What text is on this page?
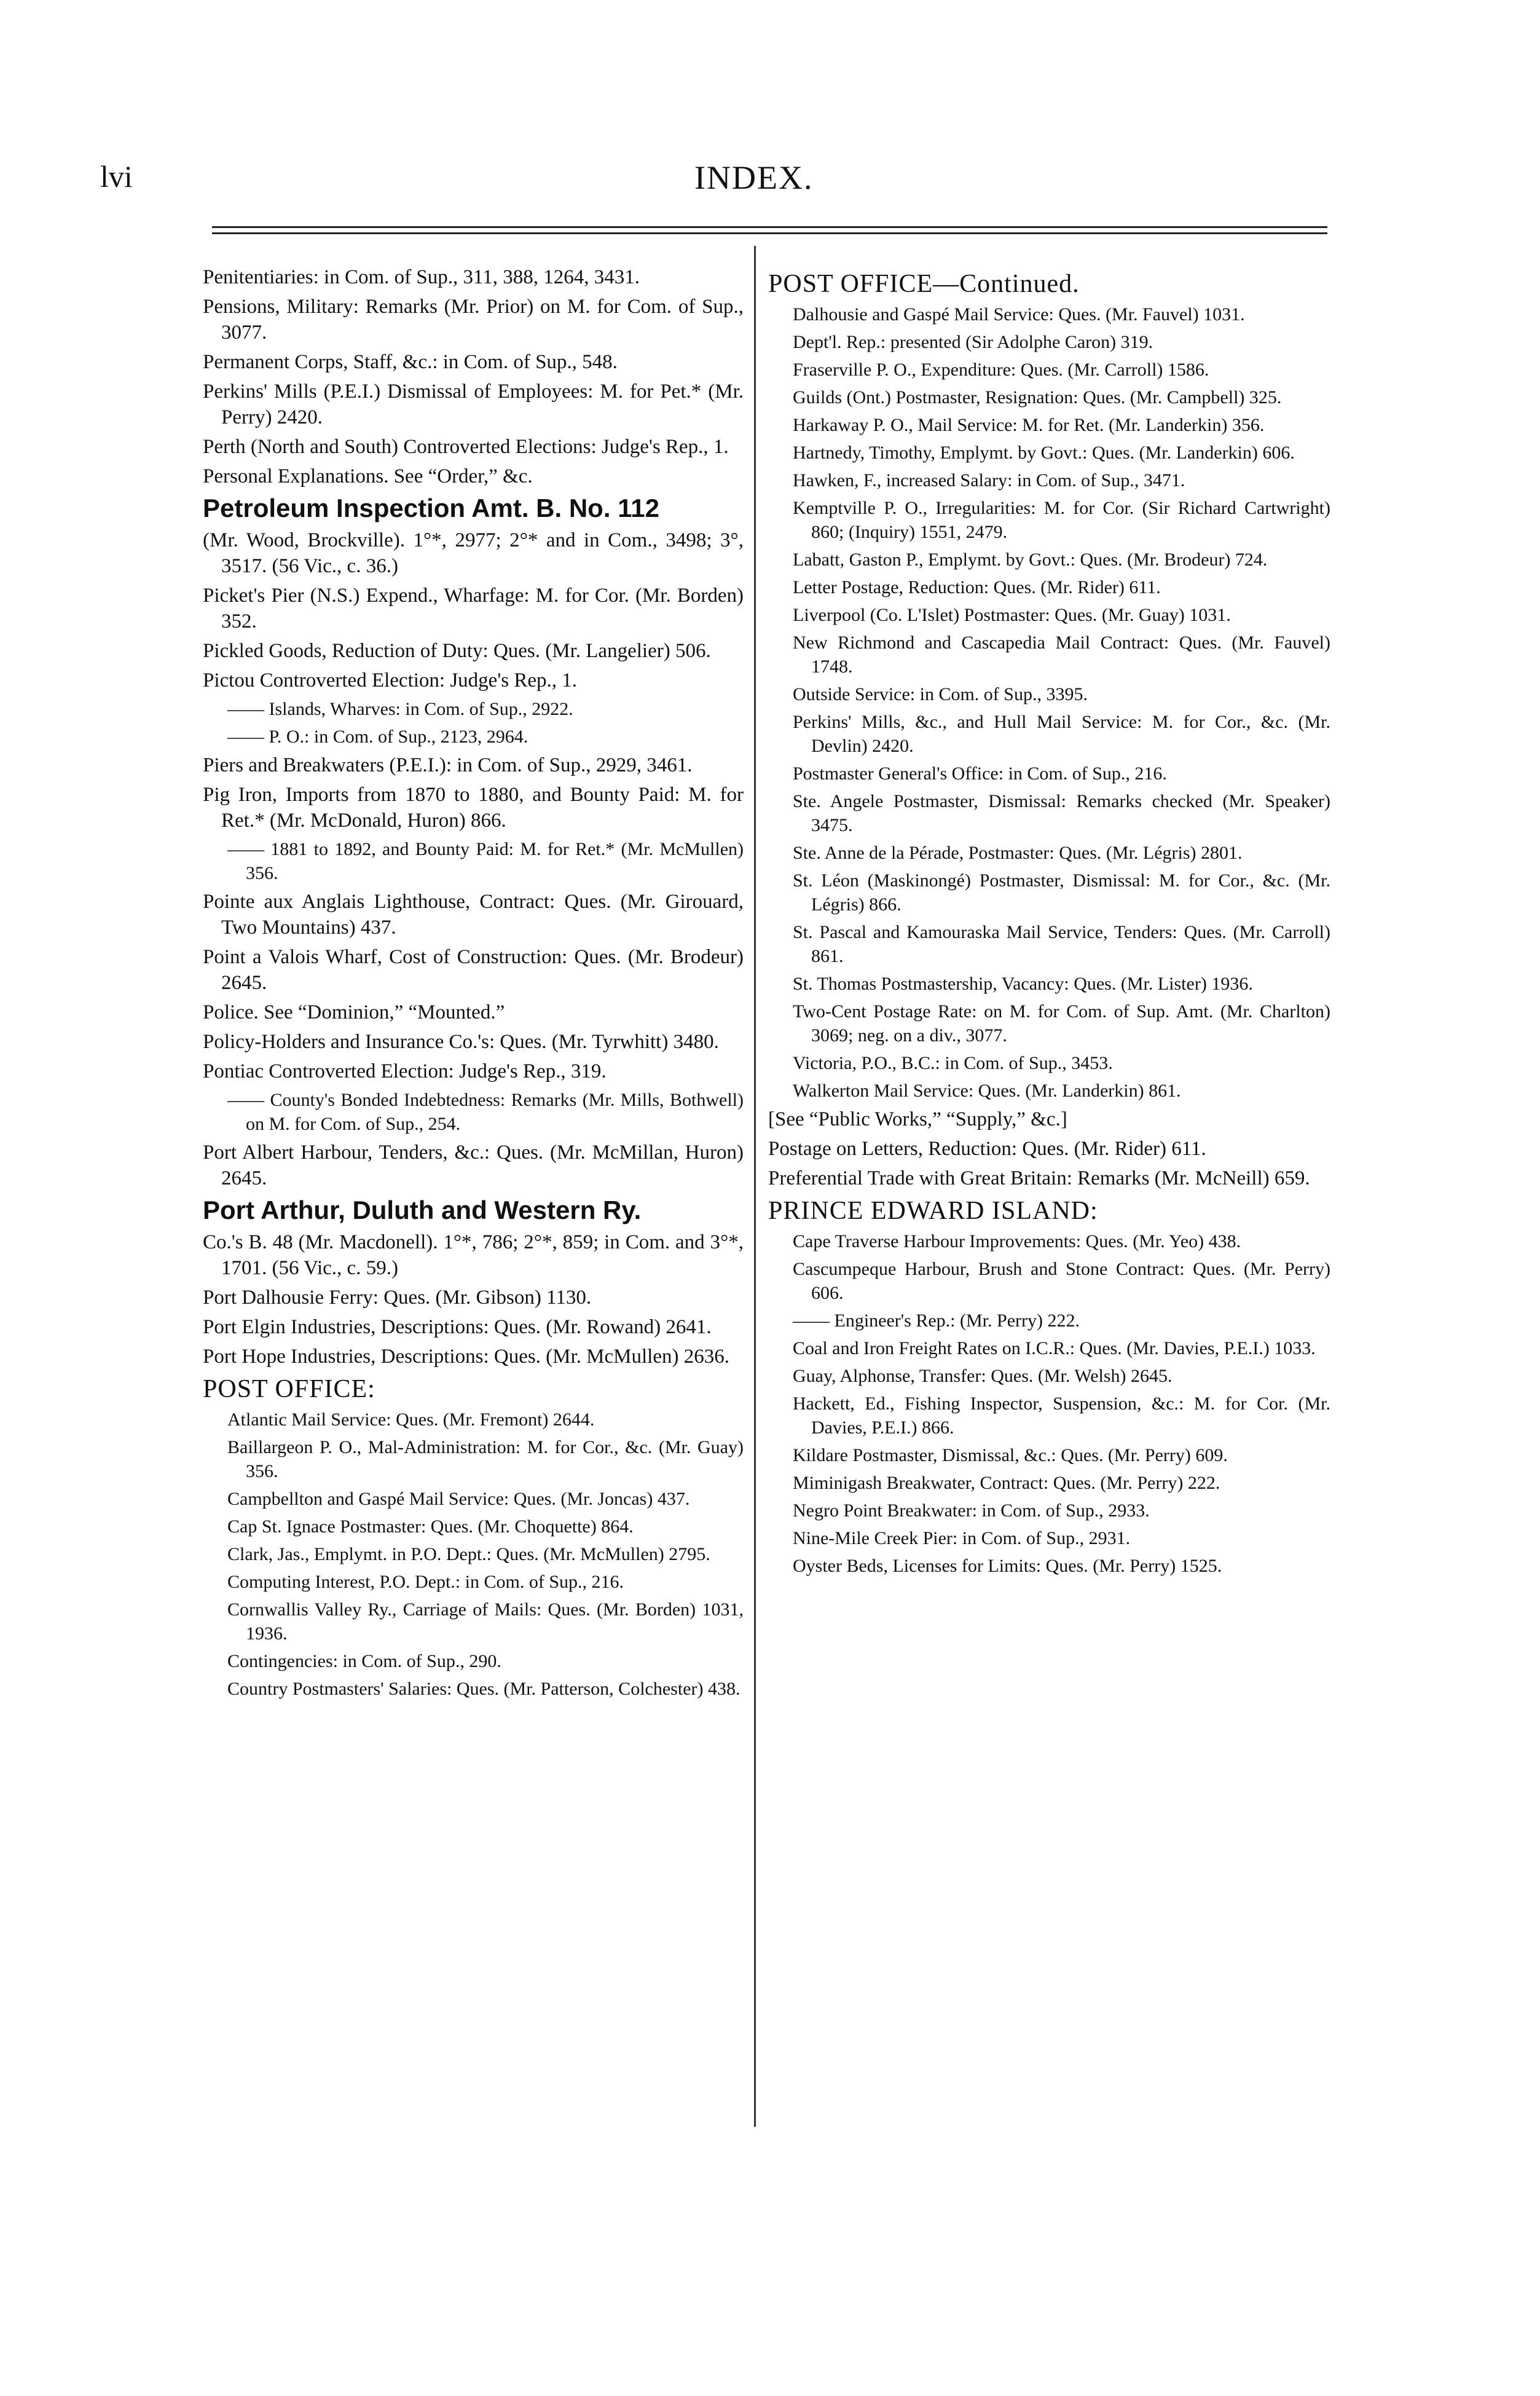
lvi	INDEX.
Penitentiaries: in Com. of Sup., 311, 388, 1264, 3431.
Pensions, Military: Remarks (Mr. Prior) on M. for Com. of Sup., 3077.
Permanent Corps, Staff, &c.: in Com. of Sup., 548.
Perkins' Mills (P.E.I.) Dismissal of Employees: M. for Pet.* (Mr. Perry) 2420.
Perth (North and South) Controverted Elections: Judge's Rep., 1.
Personal Explanations. See “Order,” &c.
Petroleum Inspection Amt. B. No. 112
(Mr. Wood, Brockville). 1°*, 2977; 2°* and in Com., 3498; 3°, 3517. (56 Vic., c. 36.)
Picket's Pier (N.S.) Expend., Wharfage: M. for Cor. (Mr. Borden) 352.
Pickled Goods, Reduction of Duty: Ques. (Mr. Langelier) 506.
Pictou Controverted Election: Judge's Rep., 1.
—— Islands, Wharves: in Com. of Sup., 2922.
—— P. O.: in Com. of Sup., 2123, 2964.
Piers and Breakwaters (P.E.I.): in Com. of Sup., 2929, 3461.
Pig Iron, Imports from 1870 to 1880, and Bounty Paid: M. for Ret.* (Mr. McDonald, Huron) 866.
—— 1881 to 1892, and Bounty Paid: M. for Ret.* (Mr. McMullen) 356.
Pointe aux Anglais Lighthouse, Contract: Ques. (Mr. Girouard, Two Mountains) 437.
Point a Valois Wharf, Cost of Construction: Ques. (Mr. Brodeur) 2645.
Police. See “Dominion,” “Mounted.”
Policy-Holders and Insurance Co.'s: Ques. (Mr. Tyrwhitt) 3480.
Pontiac Controverted Election: Judge's Rep., 319.
—— County's Bonded Indebtedness: Remarks (Mr. Mills, Bothwell) on M. for Com. of Sup., 254.
Port Albert Harbour, Tenders, &c.: Ques. (Mr. McMillan, Huron) 2645.
Port Arthur, Duluth and Western Ry.
Co.'s B. 48 (Mr. Macdonell). 1°*, 786; 2°*, 859; in Com. and 3°*, 1701. (56 Vic., c. 59.)
Port Dalhousie Ferry: Ques. (Mr. Gibson) 1130.
Port Elgin Industries, Descriptions: Ques. (Mr. Rowand) 2641.
Port Hope Industries, Descriptions: Ques. (Mr. McMullen) 2636.
POST OFFICE:
Atlantic Mail Service: Ques. (Mr. Fremont) 2644.
Baillargeon P. O., Mal-Administration: M. for Cor., &c. (Mr. Guay) 356.
Campbellton and Gaspé Mail Service: Ques. (Mr. Joncas) 437.
Cap St. Ignace Postmaster: Ques. (Mr. Choquette) 864.
Clark, Jas., Emplymt. in P.O. Dept.: Ques. (Mr. McMullen) 2795.
Computing Interest, P.O. Dept.: in Com. of Sup., 216.
Cornwallis Valley Ry., Carriage of Mails: Ques. (Mr. Borden) 1031, 1936.
Contingencies: in Com. of Sup., 290.
Country Postmasters' Salaries: Ques. (Mr. Patterson, Colchester) 438.
POST OFFICE—Continued.
Dalhousie and Gaspé Mail Service: Ques. (Mr. Fauvel) 1031.
Dept'l. Rep.: presented (Sir Adolphe Caron) 319.
Fraserville P. O., Expenditure: Ques. (Mr. Carroll) 1586.
Guilds (Ont.) Postmaster, Resignation: Ques. (Mr. Campbell) 325.
Harkaway P. O., Mail Service: M. for Ret. (Mr. Landerkin) 356.
Hartnedy, Timothy, Emplymt. by Govt.: Ques. (Mr. Landerkin) 606.
Hawken, F., increased Salary: in Com. of Sup., 3471.
Kemptville P. O., Irregularities: M. for Cor. (Sir Richard Cartwright) 860; (Inquiry) 1551, 2479.
Labatt, Gaston P., Emplymt. by Govt.: Ques. (Mr. Brodeur) 724.
Letter Postage, Reduction: Ques. (Mr. Rider) 611.
Liverpool (Co. L'Islet) Postmaster: Ques. (Mr. Guay) 1031.
New Richmond and Cascapedia Mail Contract: Ques. (Mr. Fauvel) 1748.
Outside Service: in Com. of Sup., 3395.
Perkins' Mills, &c., and Hull Mail Service: M. for Cor., &c. (Mr. Devlin) 2420.
Postmaster General's Office: in Com. of Sup., 216.
Ste. Angele Postmaster, Dismissal: Remarks checked (Mr. Speaker) 3475.
Ste. Anne de la Pérade, Postmaster: Ques. (Mr. Légris) 2801.
St. Léon (Maskinongé) Postmaster, Dismissal: M. for Cor., &c. (Mr. Légris) 866.
St. Pascal and Kamouraska Mail Service, Tenders: Ques. (Mr. Carroll) 861.
St. Thomas Postmastership, Vacancy: Ques. (Mr. Lister) 1936.
Two-Cent Postage Rate: on M. for Com. of Sup. Amt. (Mr. Charlton) 3069; neg. on a div., 3077.
Victoria, P.O., B.C.: in Com. of Sup., 3453.
Walkerton Mail Service: Ques. (Mr. Landerkin) 861.
[See “Public Works,” “Supply,” &c.]
Postage on Letters, Reduction: Ques. (Mr. Rider) 611.
Preferential Trade with Great Britain: Remarks (Mr. McNeill) 659.
PRINCE EDWARD ISLAND:
Cape Traverse Harbour Improvements: Ques. (Mr. Yeo) 438.
Cascumpeque Harbour, Brush and Stone Contract: Ques. (Mr. Perry) 606.
—— Engineer's Rep.: (Mr. Perry) 222.
Coal and Iron Freight Rates on I.C.R.: Ques. (Mr. Davies, P.E.I.) 1033.
Guay, Alphonse, Transfer: Ques. (Mr. Welsh) 2645.
Hackett, Ed., Fishing Inspector, Suspension, &c.: M. for Cor. (Mr. Davies, P.E.I.) 866.
Kildare Postmaster, Dismissal, &c.: Ques. (Mr. Perry) 609.
Miminigash Breakwater, Contract: Ques. (Mr. Perry) 222.
Negro Point Breakwater: in Com. of Sup., 2933.
Nine-Mile Creek Pier: in Com. of Sup., 2931.
Oyster Beds, Licenses for Limits: Ques. (Mr. Perry) 1525.
